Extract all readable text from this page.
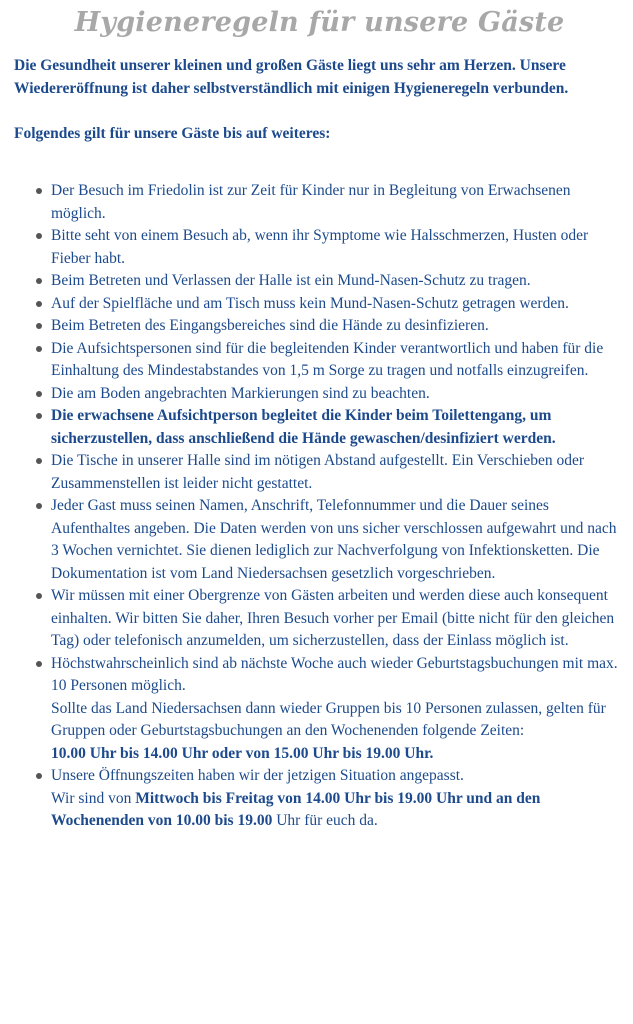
Hygieneregeln für unsere Gäste

Die Gesundheit unserer kleinen und großen Gäste liegt uns sehr am Herzen. Unsere Wiedereröffnung ist daher selbstverständlich mit einigen Hygieneregeln verbunden.

Folgendes gilt für unsere Gäste bis auf weiteres:

Der Besuch im Friedolin ist zur Zeit für Kinder nur in Begleitung von Erwachsenen möglich.
Bitte seht von einem Besuch ab, wenn ihr Symptome wie Halsschmerzen, Husten oder Fieber habt.
Beim Betreten und Verlassen der Halle ist ein Mund-Nasen-Schutz zu tragen.
Auf der Spielfläche und am Tisch muss kein Mund-Nasen-Schutz getragen werden.
Beim Betreten des Eingangsbereiches sind die Hände zu desinfizieren.
Die Aufsichtspersonen sind für die begleitenden Kinder verantwortlich und haben für die Einhaltung des Mindestabstandes von 1,5 m Sorge zu tragen und notfalls einzugreifen.
Die am Boden angebrachten Markierungen sind zu beachten.
Die erwachsene Aufsichtperson begleitet die Kinder beim Toilettengang, um sicherzustellen, dass anschließend die Hände gewaschen/desinfiziert werden.
Die Tische in unserer Halle sind im nötigen Abstand aufgestellt. Ein Verschieben oder Zusammenstellen ist leider nicht gestattet.
Jeder Gast muss seinen Namen, Anschrift, Telefonnummer und die Dauer seines Aufenthaltes angeben. Die Daten werden von uns sicher verschlossen aufgewahrt und nach 3 Wochen vernichtet. Sie dienen lediglich zur Nachverfolgung von Infektionsketten. Die Dokumentation ist vom Land Niedersachsen gesetzlich vorgeschrieben.
Wir müssen mit einer Obergrenze von Gästen arbeiten und werden diese auch konsequent einhalten. Wir bitten Sie daher, Ihren Besuch vorher per Email (bitte nicht für den gleichen Tag) oder telefonisch anzumelden, um sicherzustellen, dass der Einlass möglich ist.
Höchstwahrscheinlich sind ab nächste Woche auch wieder Geburtstagsbuchungen mit max. 10 Personen möglich.
Sollte das Land Niedersachsen dann wieder Gruppen bis 10 Personen zulassen, gelten für Gruppen oder Geburtstagsbuchungen an den Wochenenden folgende Zeiten:
10.00 Uhr bis 14.00 Uhr oder von 15.00 Uhr bis 19.00 Uhr.
Unsere Öffnungszeiten haben wir der jetzigen Situation angepasst.
Wir sind von Mittwoch bis Freitag von 14.00 Uhr bis 19.00 Uhr und an den Wochenenden von 10.00 bis 19.00 Uhr für euch da.
